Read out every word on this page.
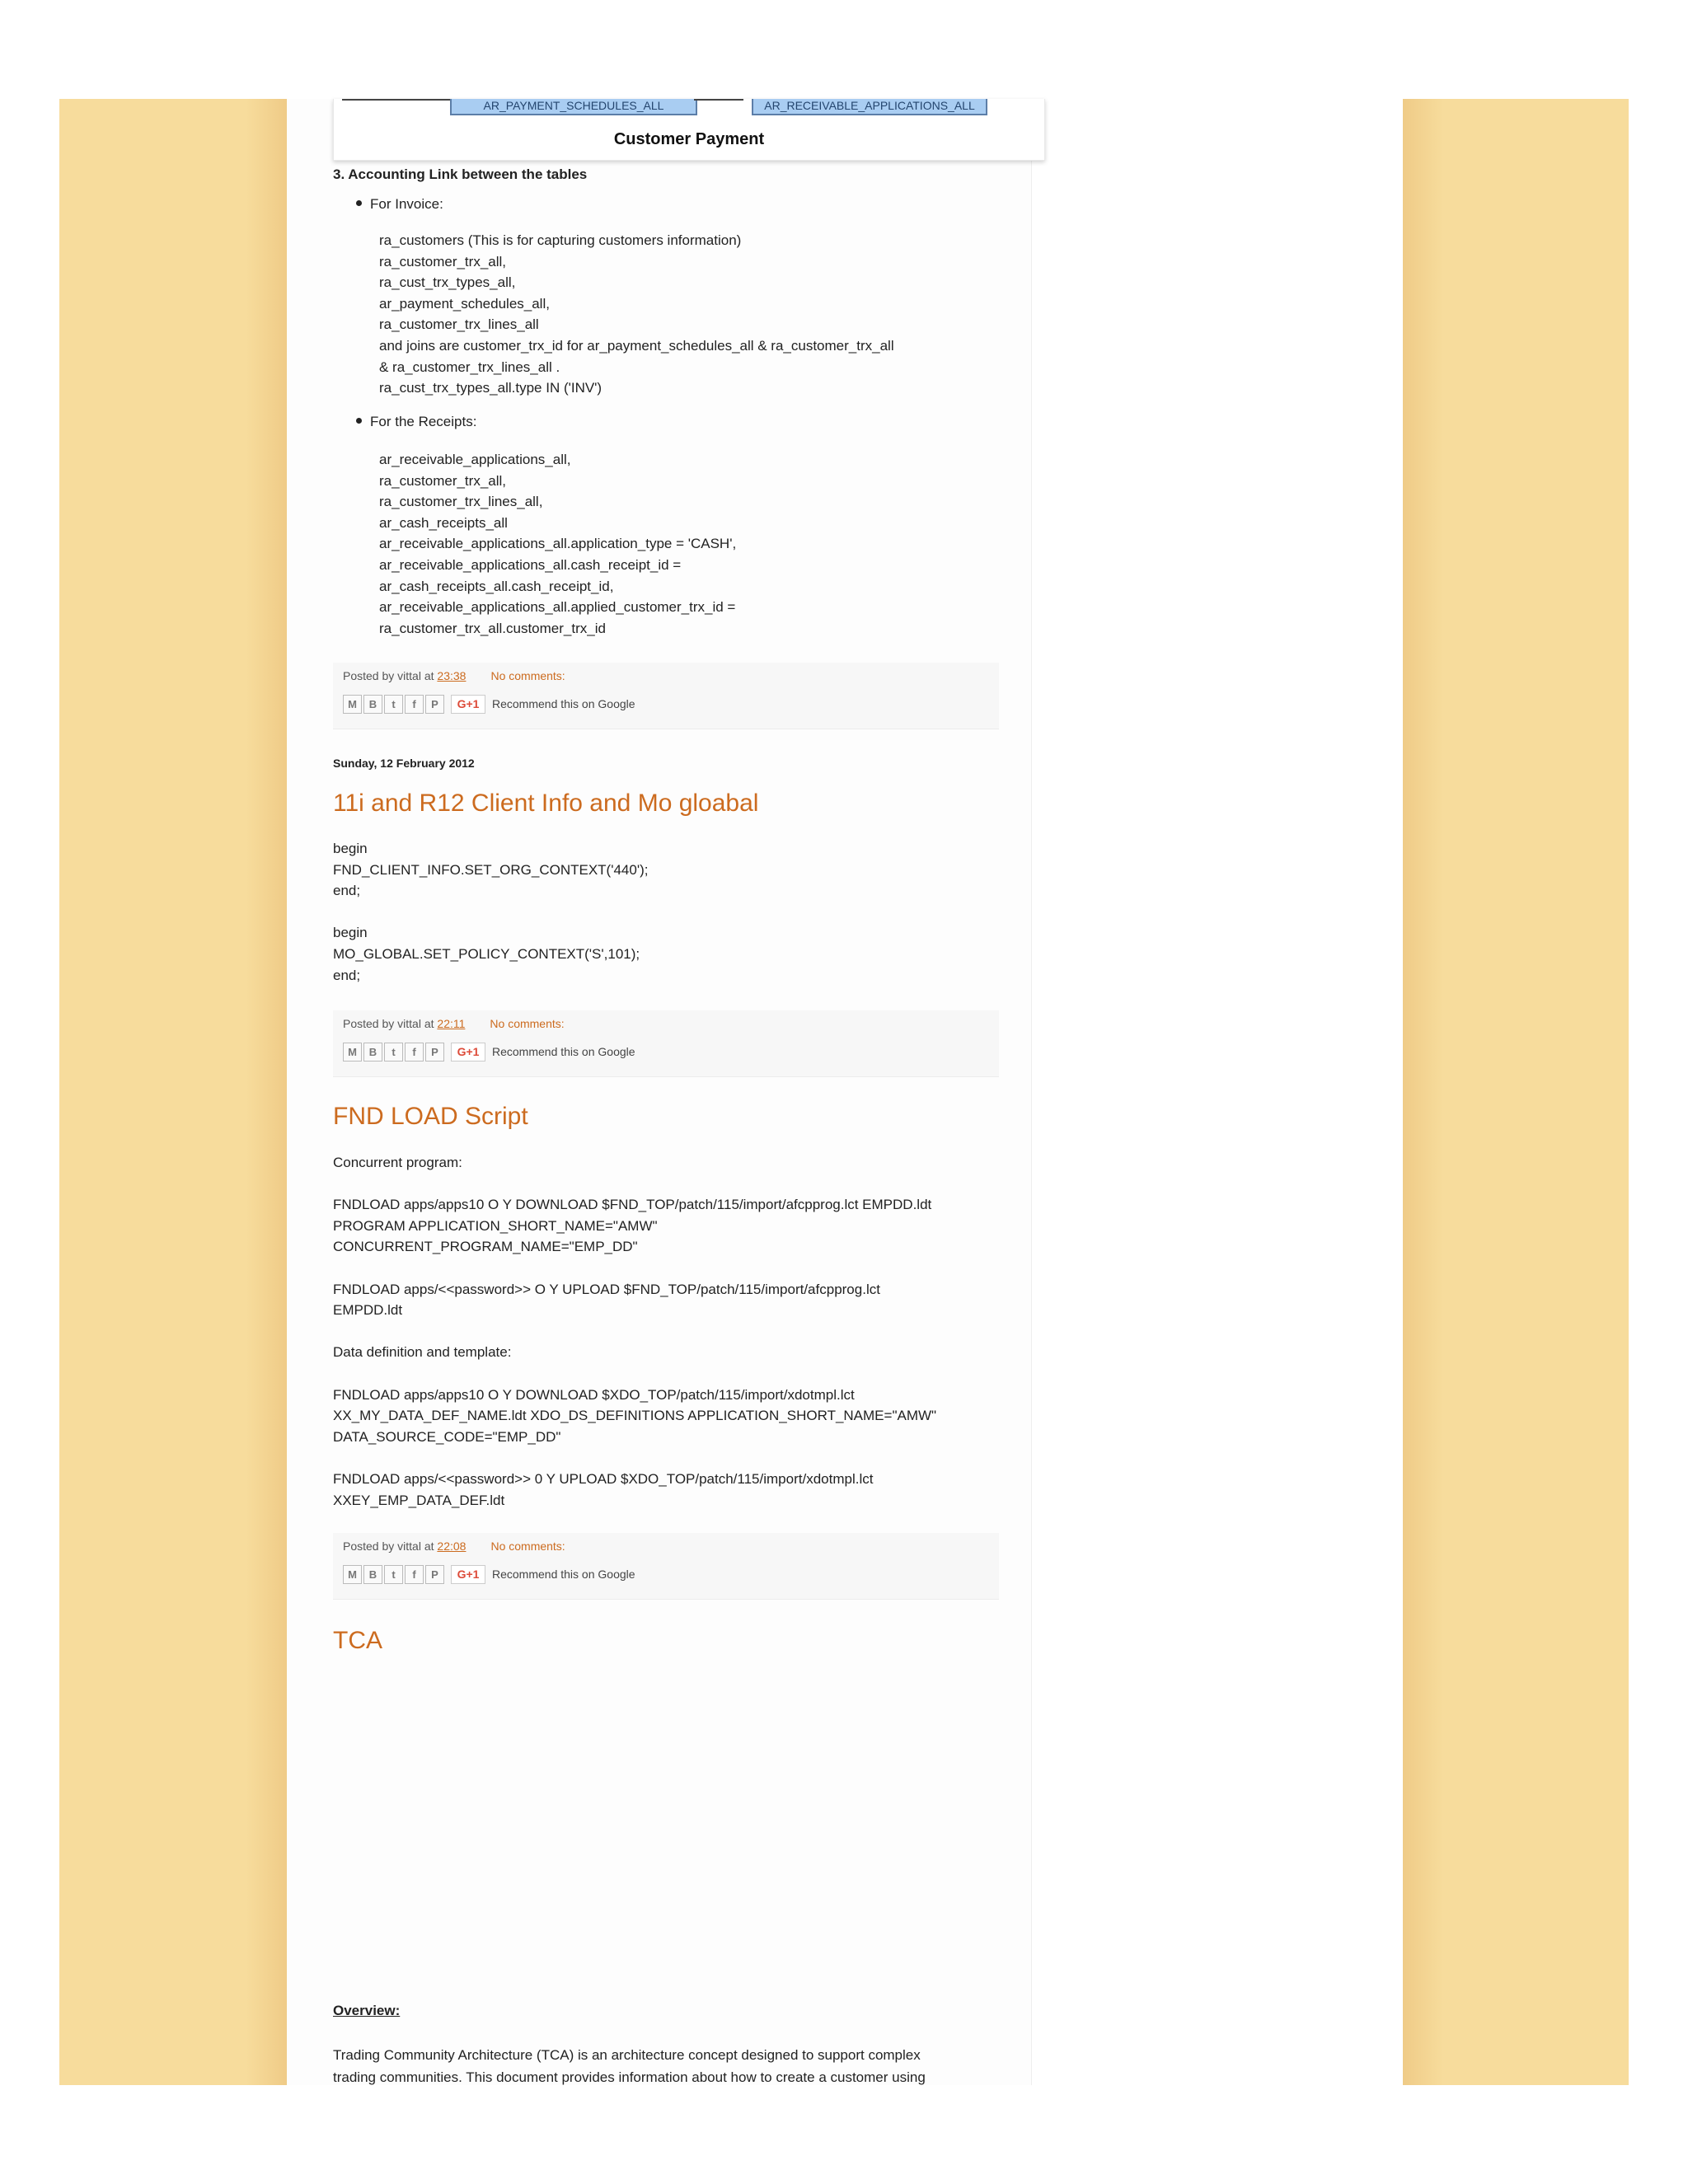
AR_PAYMENT_SCHEDULES_ALL	AR_RECEIVABLE_APPLICATIONS_ALL
Customer Payment
3. Accounting Link between the tables
For Invoice:
ra_customers (This is for capturing customers information)
ra_customer_trx_all,
ra_cust_trx_types_all,
ar_payment_schedules_all,
ra_customer_trx_lines_all
and joins are customer_trx_id for ar_payment_schedules_all & ra_customer_trx_all
& ra_customer_trx_lines_all .
ra_cust_trx_types_all.type IN ('INV')
For the Receipts:
ar_receivable_applications_all,
ra_customer_trx_all,
ra_customer_trx_lines_all,
ar_cash_receipts_all
ar_receivable_applications_all.application_type = 'CASH',
ar_receivable_applications_all.cash_receipt_id =
ar_cash_receipts_all.cash_receipt_id,
ar_receivable_applications_all.applied_customer_trx_id =
ra_customer_trx_all.customer_trx_id
Posted by vittal at 23:38 No comments:
M	B	t	f	P	G+1	Recommend this on Google
Sunday, 12 February 2012
11i and R12 Client Info and Mo gloabal
begin
FND_CLIENT_INFO.SET_ORG_CONTEXT('440');
end;
begin
MO_GLOBAL.SET_POLICY_CONTEXT('S',101);
end;
Posted by vittal at 22:11 No comments:
M	B	t	f	P	G+1	Recommend this on Google
FND LOAD Script
Concurrent program:
FNDLOAD apps/apps10 O Y DOWNLOAD $FND_TOP/patch/115/import/afcpprog.lct EMPDD.ldt
PROGRAM APPLICATION_SHORT_NAME="AMW"
CONCURRENT_PROGRAM_NAME="EMP_DD"
FNDLOAD apps/<<password>> O Y UPLOAD $FND_TOP/patch/115/import/afcpprog.lct
EMPDD.ldt
Data definition and template:
FNDLOAD apps/apps10 O Y DOWNLOAD $XDO_TOP/patch/115/import/xdotmpl.lct
XX_MY_DATA_DEF_NAME.ldt XDO_DS_DEFINITIONS APPLICATION_SHORT_NAME="AMW"
DATA_SOURCE_CODE="EMP_DD"
FNDLOAD apps/<<password>> 0 Y UPLOAD $XDO_TOP/patch/115/import/xdotmpl.lct
XXEY_EMP_DATA_DEF.ldt
Posted by vittal at 22:08 No comments:
M	B	t	f	P	G+1	Recommend this on Google
TCA
Overview:
Trading Community Architecture (TCA) is an architecture concept designed to support complex
trading communities. This document provides information about how to create a customer using
